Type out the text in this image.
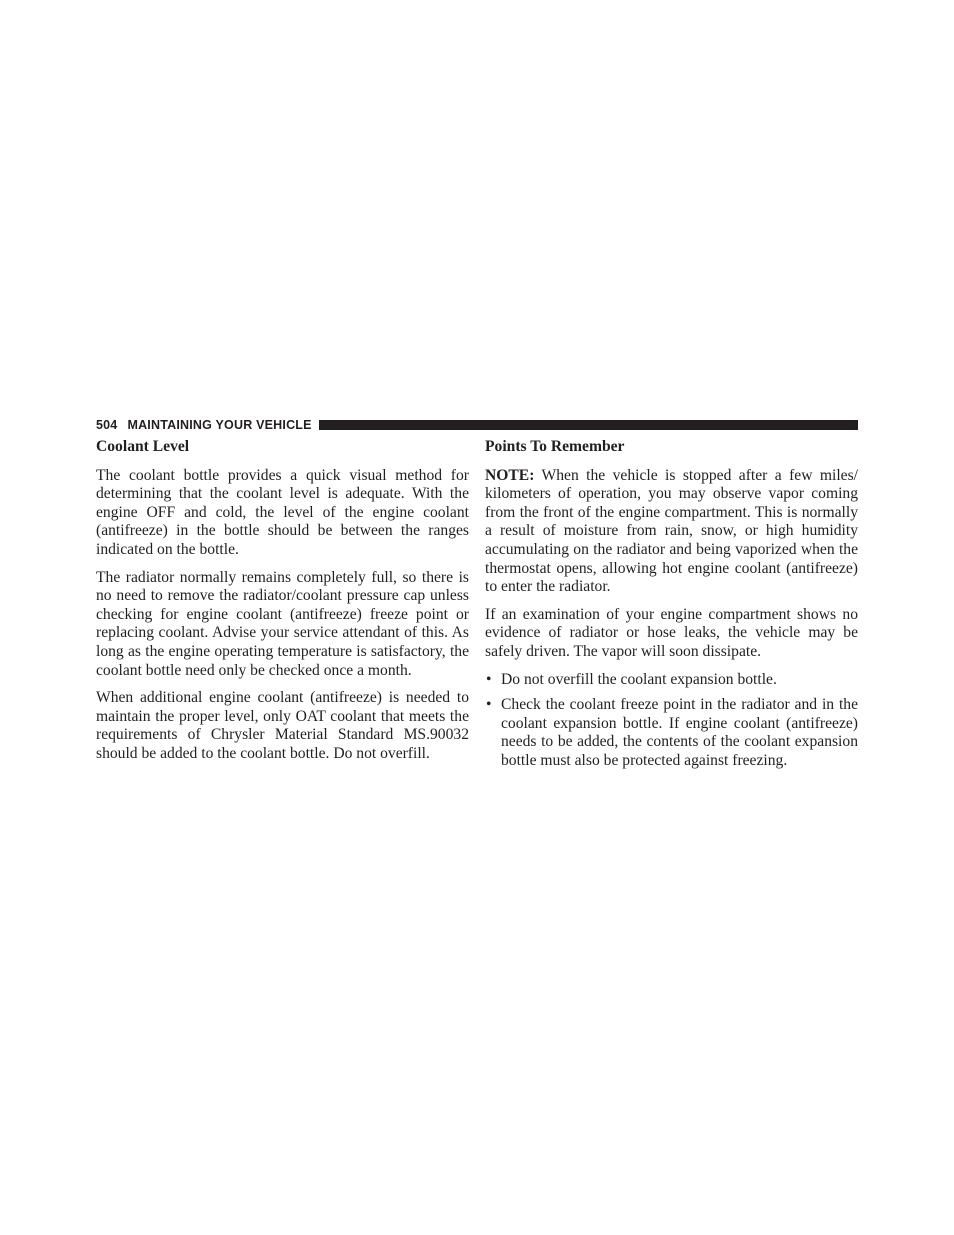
504 MAINTAINING YOUR VEHICLE
Coolant Level

The coolant bottle provides a quick visual method for determining that the coolant level is adequate. With the engine OFF and cold, the level of the engine coolant (antifreeze) in the bottle should be between the ranges indicated on the bottle.

The radiator normally remains completely full, so there is no need to remove the radiator/coolant pressure cap unless checking for engine coolant (antifreeze) freeze point or replacing coolant. Advise your service attendant of this. As long as the engine operating temperature is satisfactory, the coolant bottle need only be checked once a month.

When additional engine coolant (antifreeze) is needed to maintain the proper level, only OAT coolant that meets the requirements of Chrysler Material Standard MS.90032 should be added to the coolant bottle. Do not overfill.

Points To Remember

NOTE: When the vehicle is stopped after a few miles/ kilometers of operation, you may observe vapor coming from the front of the engine compartment. This is normally a result of moisture from rain, snow, or high humidity accumulating on the radiator and being vaporized when the thermostat opens, allowing hot engine coolant (antifreeze) to enter the radiator.

If an examination of your engine compartment shows no evidence of radiator or hose leaks, the vehicle may be safely driven. The vapor will soon dissipate.

• Do not overfill the coolant expansion bottle.
• Check the coolant freeze point in the radiator and in the coolant expansion bottle. If engine coolant (antifreeze) needs to be added, the contents of the coolant expansion bottle must also be protected against freezing.
